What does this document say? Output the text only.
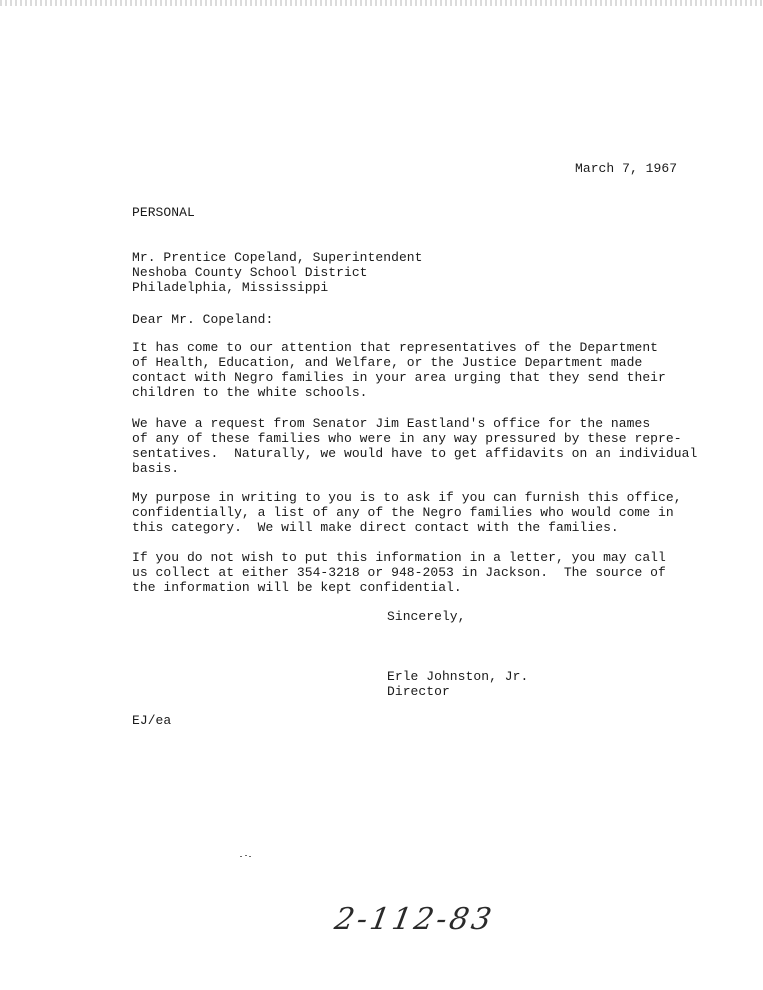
March 7, 1967

PERSONAL

Mr. Prentice Copeland, Superintendent
Neshoba County School District
Philadelphia, Mississippi

Dear Mr. Copeland:

It has come to our attention that representatives of the Department
of Health, Education, and Welfare, or the Justice Department made
contact with Negro families in your area urging that they send their
children to the white schools.

We have a request from Senator Jim Eastland's office for the names
of any of these families who were in any way pressured by these repre-
sentatives.  Naturally, we would have to get affidavits on an individual
basis.

My purpose in writing to you is to ask if you can furnish this office,
confidentially, a list of any of the Negro families who would come in
this category.  We will make direct contact with the families.

If you do not wish to put this information in a letter, you may call
us collect at either 354-3218 or 948-2053 in Jackson.  The source of
the information will be kept confidential.

Sincerely,

Erle Johnston, Jr.

Director

EJ/ea

2-112-83
